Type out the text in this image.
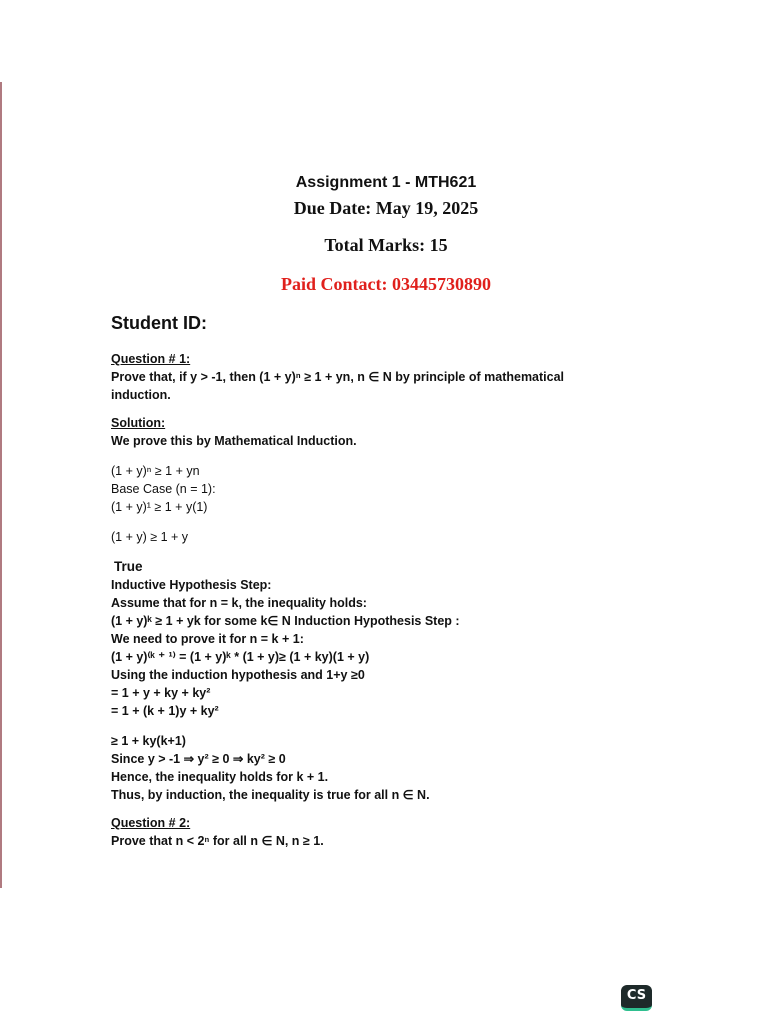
Assignment 1 - MTH621
Due Date: May 19, 2025
Total Marks: 15
Paid Contact: 03445730890
Student ID:
Question # 1:
Prove that, if y > -1, then (1 + y)ⁿ ≥ 1 + yn, n ∈ N by principle of mathematical
induction.
Solution:
We prove this by Mathematical Induction.
(1 + y)ⁿ ≥ 1 + yn
Base Case (n = 1):
(1 + y)¹ ≥ 1 + y(1)
(1 + y) ≥ 1 + y
True
Inductive Hypothesis Step:
Assume that for n = k, the inequality holds:
(1 + y)ᵏ ≥ 1 + yk for some k∈ N Induction Hypothesis Step :
We need to prove it for n = k + 1:
(1 + y)⁽ᵏ ⁺ ¹⁾ = (1 + y)ᵏ * (1 + y)≥ (1 + ky)(1 + y)
Using the induction hypothesis and 1+y ≥0
= 1 + y + ky + ky²
= 1 + (k + 1)y + ky²
≥ 1 + ky(k+1)
Since y > -1 ⇒ y² ≥ 0 ⇒ ky² ≥ 0
Hence, the inequality holds for k + 1.
Thus, by induction, the inequality is true for all n ∈ N.
Question # 2:
Prove that n < 2ⁿ for all n ∈ N, n ≥ 1.
CS
